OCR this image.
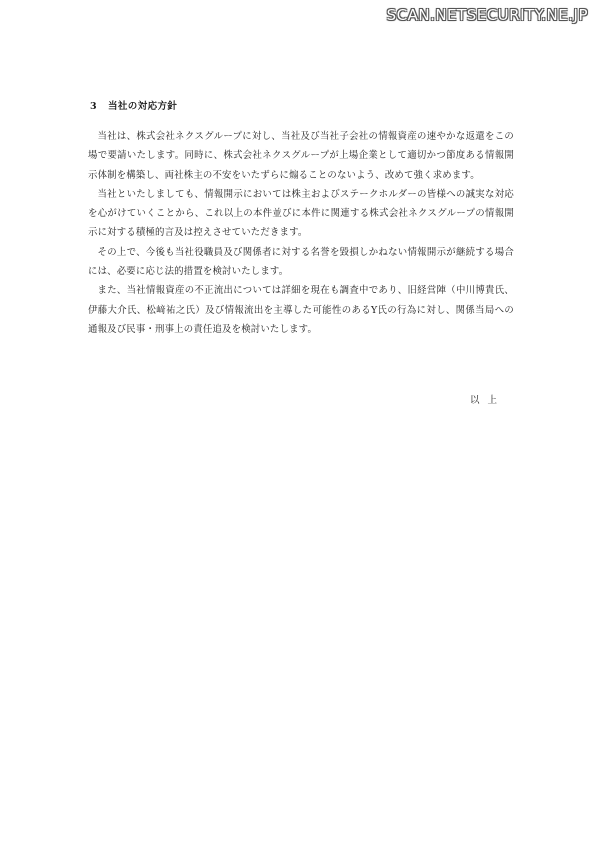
SCAN.NETSECURITY.NE.JP
3 当社の対応方針

当社は、株式会社ネクスグループに対し、当社及び当社子会社の情報資産の速やかな返還をこの場で要請いたします。同時に、株式会社ネクスグループが上場企業として適切かつ節度ある情報開示体制を構築し、両社株主の不安をいたずらに煽ることのないよう、改めて強く求めます。

当社といたしましても、情報開示においては株主およびステークホルダーの皆様への誠実な対応を心がけていくことから、これ以上の本件並びに本件に関連する株式会社ネクスグループの情報開示に対する積極的言及は控えさせていただきます。

その上で、今後も当社役職員及び関係者に対する名誉を毀損しかねない情報開示が継続する場合には、必要に応じ法的措置を検討いたします。

また、当社情報資産の不正流出については詳細を現在も調査中であり、旧経営陣（中川博貴氏、伊藤大介氏、松﨑祐之氏）及び情報流出を主導した可能性のあるY氏の行為に対し、関係当局への通報及び民事・刑事上の責任追及を検討いたします。

以上
